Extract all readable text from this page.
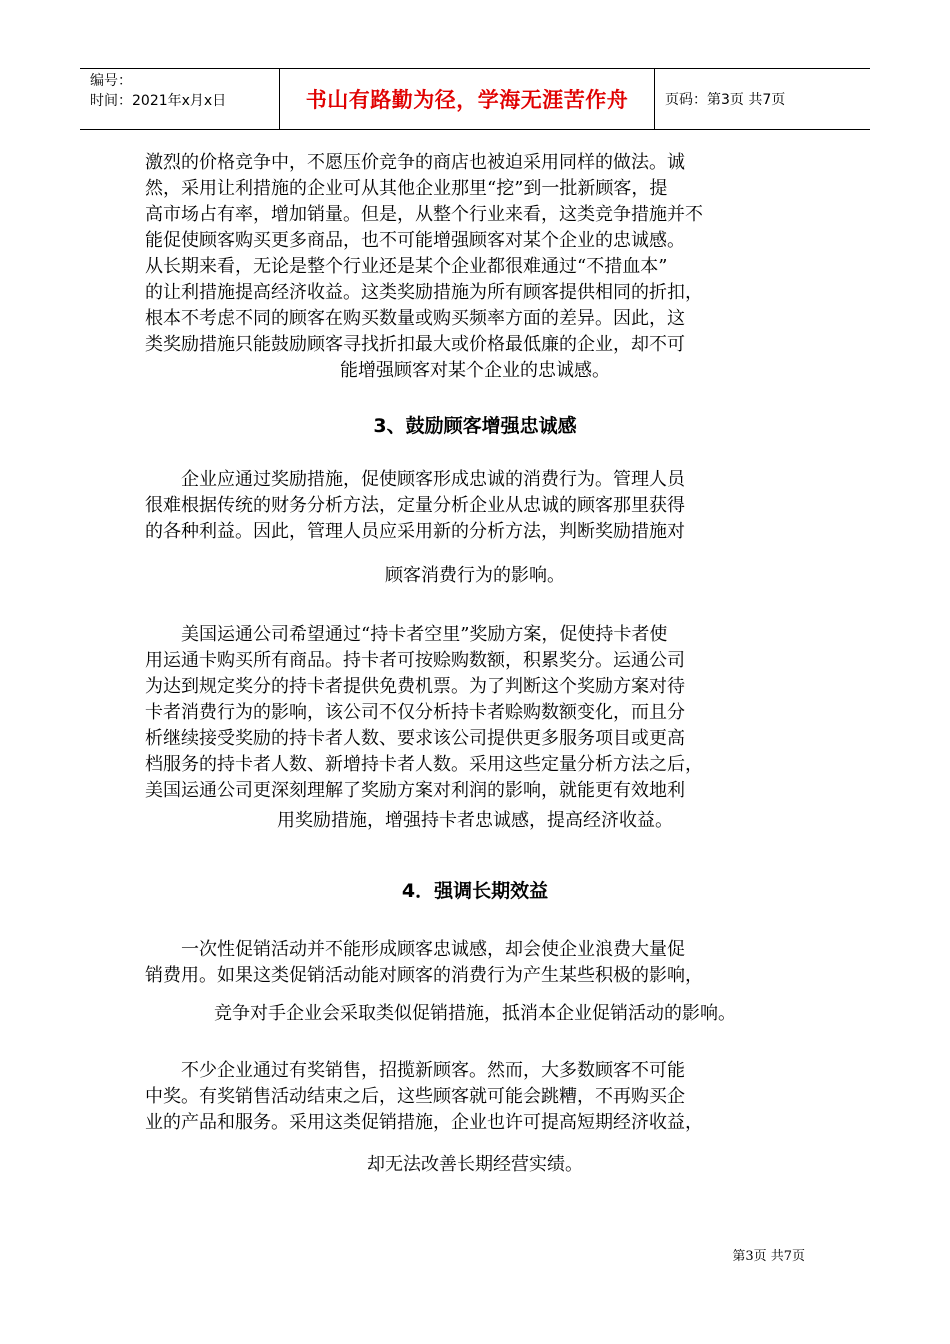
编号：
时间：2021年x月x日	书山有路勤为径，学海无涯苦作舟	页码：第3页 共7页
激烈的价格竞争中，不愿压价竞争的商店也被迫采用同样的做法。诚
然，采用让利措施的企业可从其他企业那里“挖”到一批新顾客，提
高市场占有率，增加销量。但是，从整个行业来看，这类竞争措施并不
能促使顾客购买更多商品，也不可能增强顾客对某个企业的忠诚感。
从长期来看，无论是整个行业还是某个企业都很难通过“不措血本”
的让利措施提高经济收益。这类奖励措施为所有顾客提供相同的折扣，
根本不考虑不同的顾客在购买数量或购买频率方面的差异。因此，这
类奖励措施只能鼓励顾客寻找折扣最大或价格最低廉的企业，却不可
能增强顾客对某个企业的忠诚感。
3、鼓励顾客增强忠诚感
　　企业应通过奖励措施，促使顾客形成忠诚的消费行为。管理人员
很难根据传统的财务分析方法，定量分析企业从忠诚的顾客那里获得
的各种利益。因此，管理人员应采用新的分析方法，判断奖励措施对
顾客消费行为的影响。
　　美国运通公司希望通过“持卡者空里”奖励方案，促使持卡者使
用运通卡购买所有商品。持卡者可按赊购数额，积累奖分。运通公司
为达到规定奖分的持卡者提供免费机票。为了判断这个奖励方案对待
卡者消费行为的影响，该公司不仅分析持卡者赊购数额变化，而且分
析继续接受奖励的持卡者人数、要求该公司提供更多服务项目或更高
档服务的持卡者人数、新增持卡者人数。采用这些定量分析方法之后，
美国运通公司更深刻理解了奖励方案对利润的影响，就能更有效地利
用奖励措施，增强持卡者忠诚感，提高经济收益。
4．强调长期效益
　　一次性促销活动并不能形成顾客忠诚感，却会使企业浪费大量促
销费用。如果这类促销活动能对顾客的消费行为产生某些积极的影响，
竞争对手企业会采取类似促销措施，抵消本企业促销活动的影响。
　　不少企业通过有奖销售，招揽新顾客。然而，大多数顾客不可能
中奖。有奖销售活动结束之后，这些顾客就可能会跳糟，不再购买企
业的产品和服务。采用这类促销措施，企业也许可提高短期经济收益，
却无法改善长期经营实绩。
第3页 共7页
